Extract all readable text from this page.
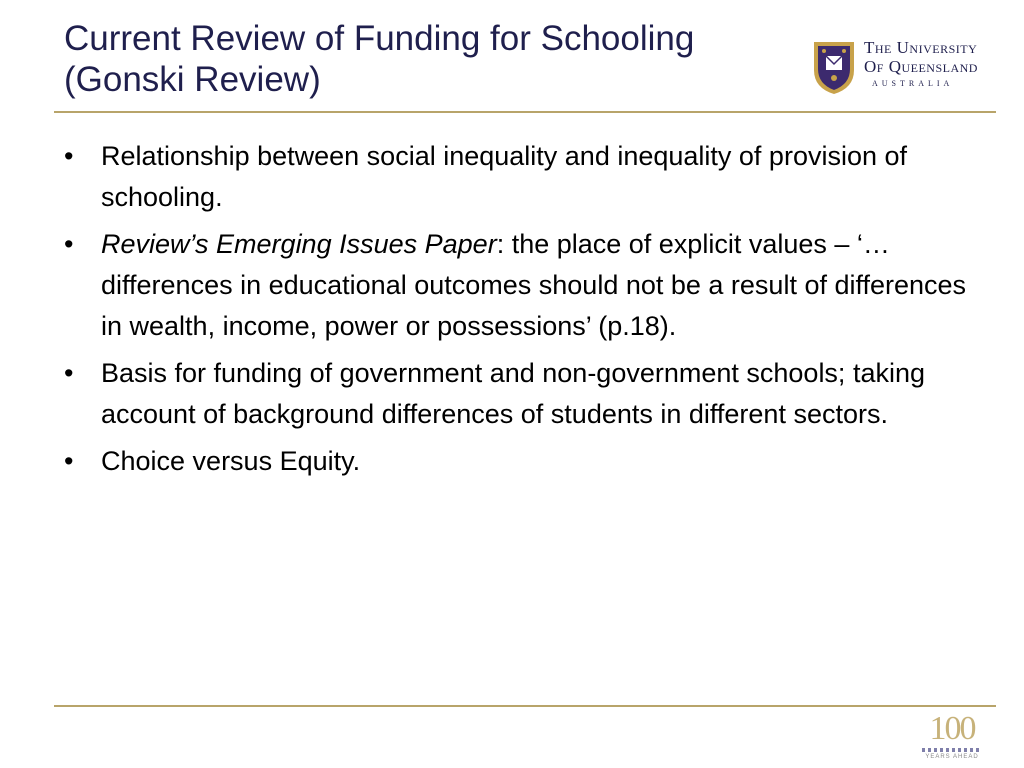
Current Review of Funding for Schooling
(Gonski Review)
The University
Of Queensland
AUSTRALIA
• Relationship between social inequality and inequality of provision of schooling.
• Review’s Emerging Issues Paper: the place of explicit values – ‘…differences in educational outcomes should not be a result of differences in wealth, income, power or possessions’ (p.18).
• Basis for funding of government and non-government schools; taking account of background differences of students in different sectors.
• Choice versus Equity.
100
YEARS AHEAD
